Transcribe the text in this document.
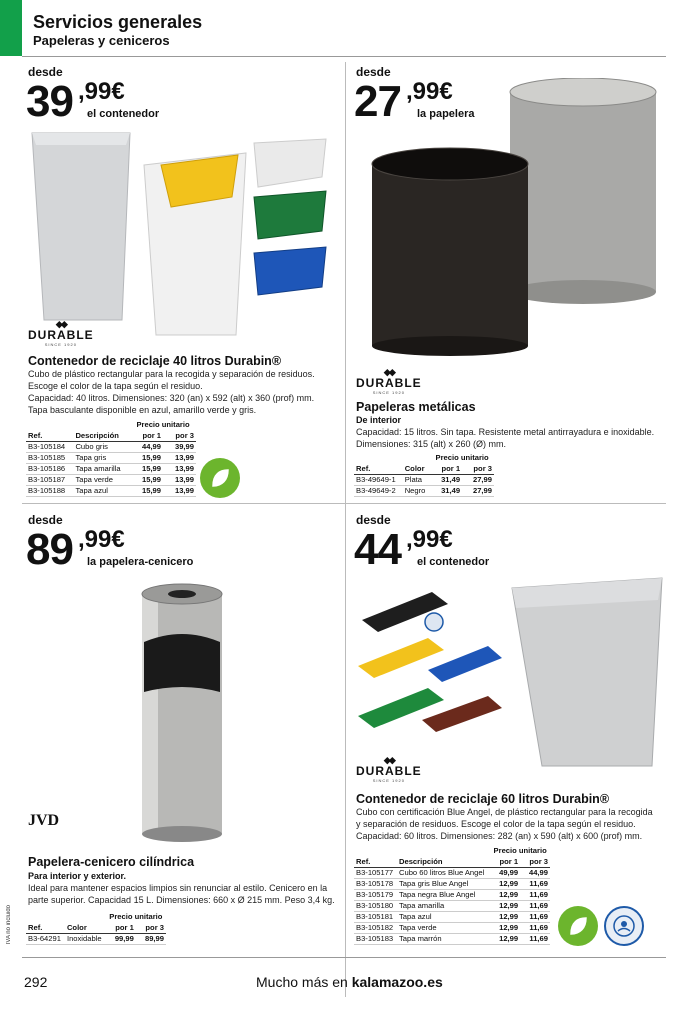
Servicios generales
Papeleras y ceniceros
desde
39 ,99€
el contenedor
◆◆
DURABLE
SINCE 1920
Contenedor de reciclaje 40 litros Durabin®
Cubo de plástico rectangular para la recogida y separación de residuos.
Escoge el color de la tapa según el residuo.
Capacidad: 40 litros. Dimensiones: 320 (an) x 592 (alt) x 360 (prof) mm.
Tapa basculante disponible en azul, amarillo verde y gris.
		Precio unitario	
Ref.	Descripción	por 1	por 3
B3-105184	Cubo gris	44,99	39,99
B3-105185	Tapa gris	15,99	13,99
B3-105186	Tapa amarilla	15,99	13,99
B3-105187	Tapa verde	15,99	13,99
B3-105188	Tapa azul	15,99	13,99
desde
27 ,99€
la papelera
◆◆
DURABLE
SINCE 1920
Papeleras metálicas
De interior
Capacidad: 15 litros. Sin tapa. Resistente metal antirrayadura e inoxidable.
Dimensiones: 315 (alt) x 260 (Ø) mm.
		Precio unitario	
Ref.	Color	por 1	por 3
B3-49649-1	Plata	31,49	27,99
B3-49649-2	Negro	31,49	27,99
desde
89 ,99€
la papelera-cenicero
JVD
Papelera-cenicero cilíndrica
Para interior y exterior.
Ideal para mantener espacios limpios sin renunciar al estilo. Cenicero en la
parte superior. Capacidad 15 L. Dimensiones: 660 x Ø 215 mm. Peso 3,4 kg.
		Precio unitario	
Ref.	Color	por 1	por 3
B3-64291	Inoxidable	99,99	89,99
desde
44 ,99€
el contenedor
◆◆
DURABLE
SINCE 1920
Contenedor de reciclaje 60 litros Durabin®
Cubo con certificación Blue Angel, de plástico rectangular para la recogida
y separación de residuos. Escoge el color de la tapa según el residuo.
Capacidad: 60 litros. Dimensiones: 282 (an) x 590 (alt) x 600 (prof) mm.
		Precio unitario	
Ref.	Descripción	por 1	por 3
B3-105177	Cubo 60 litros Blue Angel	49,99	44,99
B3-105178	Tapa gris Blue Angel	12,99	11,69
B3-105179	Tapa negra Blue Angel	12,99	11,69
B3-105180	Tapa amarilla	12,99	11,69
B3-105181	Tapa azul	12,99	11,69
B3-105182	Tapa verde	12,99	11,69
B3-105183	Tapa marrón	12,99	11,69
IVA no incluido
292	Mucho más en kalamazoo.es
